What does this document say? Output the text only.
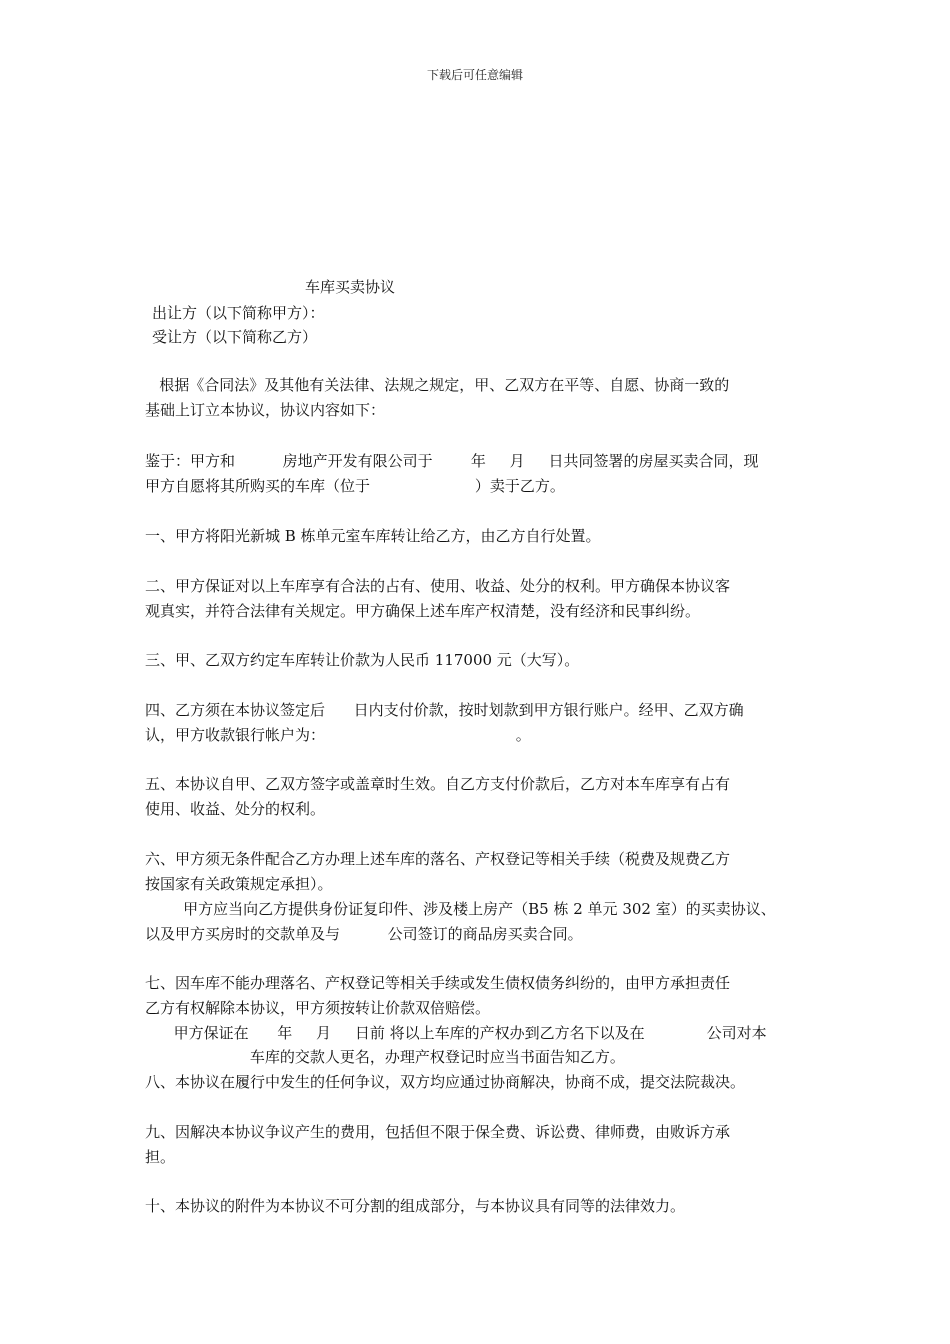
下载后可任意编辑
车库买卖协议
出让方（以下简称甲方）：
受让方（以下简称乙方）
根据《合同法》及其他有关法律、法规之规定，甲、乙双方在平等、自愿、协商一致的
基础上订立本协议，协议内容如下：
鉴于：甲方和          房地产开发有限公司于        年     月     日共同签署的房屋买卖合同，现
甲方自愿将其所购买的车库（位于                      ）卖于乙方。
一、甲方将阳光新城 B 栋单元室车库转让给乙方，由乙方自行处置。
二、甲方保证对以上车库享有合法的占有、使用、收益、处分的权利。甲方确保本协议客
观真实，并符合法律有关规定。甲方确保上述车库产权清楚，没有经济和民事纠纷。
三、甲、乙双方约定车库转让价款为人民币 117000 元（大写）。
四、乙方须在本协议签定后      日内支付价款，按时划款到甲方银行账户。经甲、乙双方确
认，甲方收款银行帐户为：                                        。
五、本协议自甲、乙双方签字或盖章时生效。自乙方支付价款后，乙方对本车库享有占有
使用、收益、处分的权利。
六、甲方须无条件配合乙方办理上述车库的落名、产权登记等相关手续（税费及规费乙方
按国家有关政策规定承担）。
甲方应当向乙方提供身份证复印件、涉及楼上房产（B5 栋 2 单元 302 室）的买卖协议、
以及甲方买房时的交款单及与          公司签订的商品房买卖合同。
七、因车库不能办理落名、产权登记等相关手续或发生债权债务纠纷的，由甲方承担责任
乙方有权解除本协议，甲方须按转让价款双倍赔偿。
甲方保证在      年     月     日前 将以上车库的产权办到乙方名下以及在             公司对本
车库的交款人更名，办理产权登记时应当书面告知乙方。
八、本协议在履行中发生的任何争议，双方均应通过协商解决，协商不成，提交法院裁决。
九、因解决本协议争议产生的费用，包括但不限于保全费、诉讼费、律师费，由败诉方承
担。
十、本协议的附件为本协议不可分割的组成部分，与本协议具有同等的法律效力。
